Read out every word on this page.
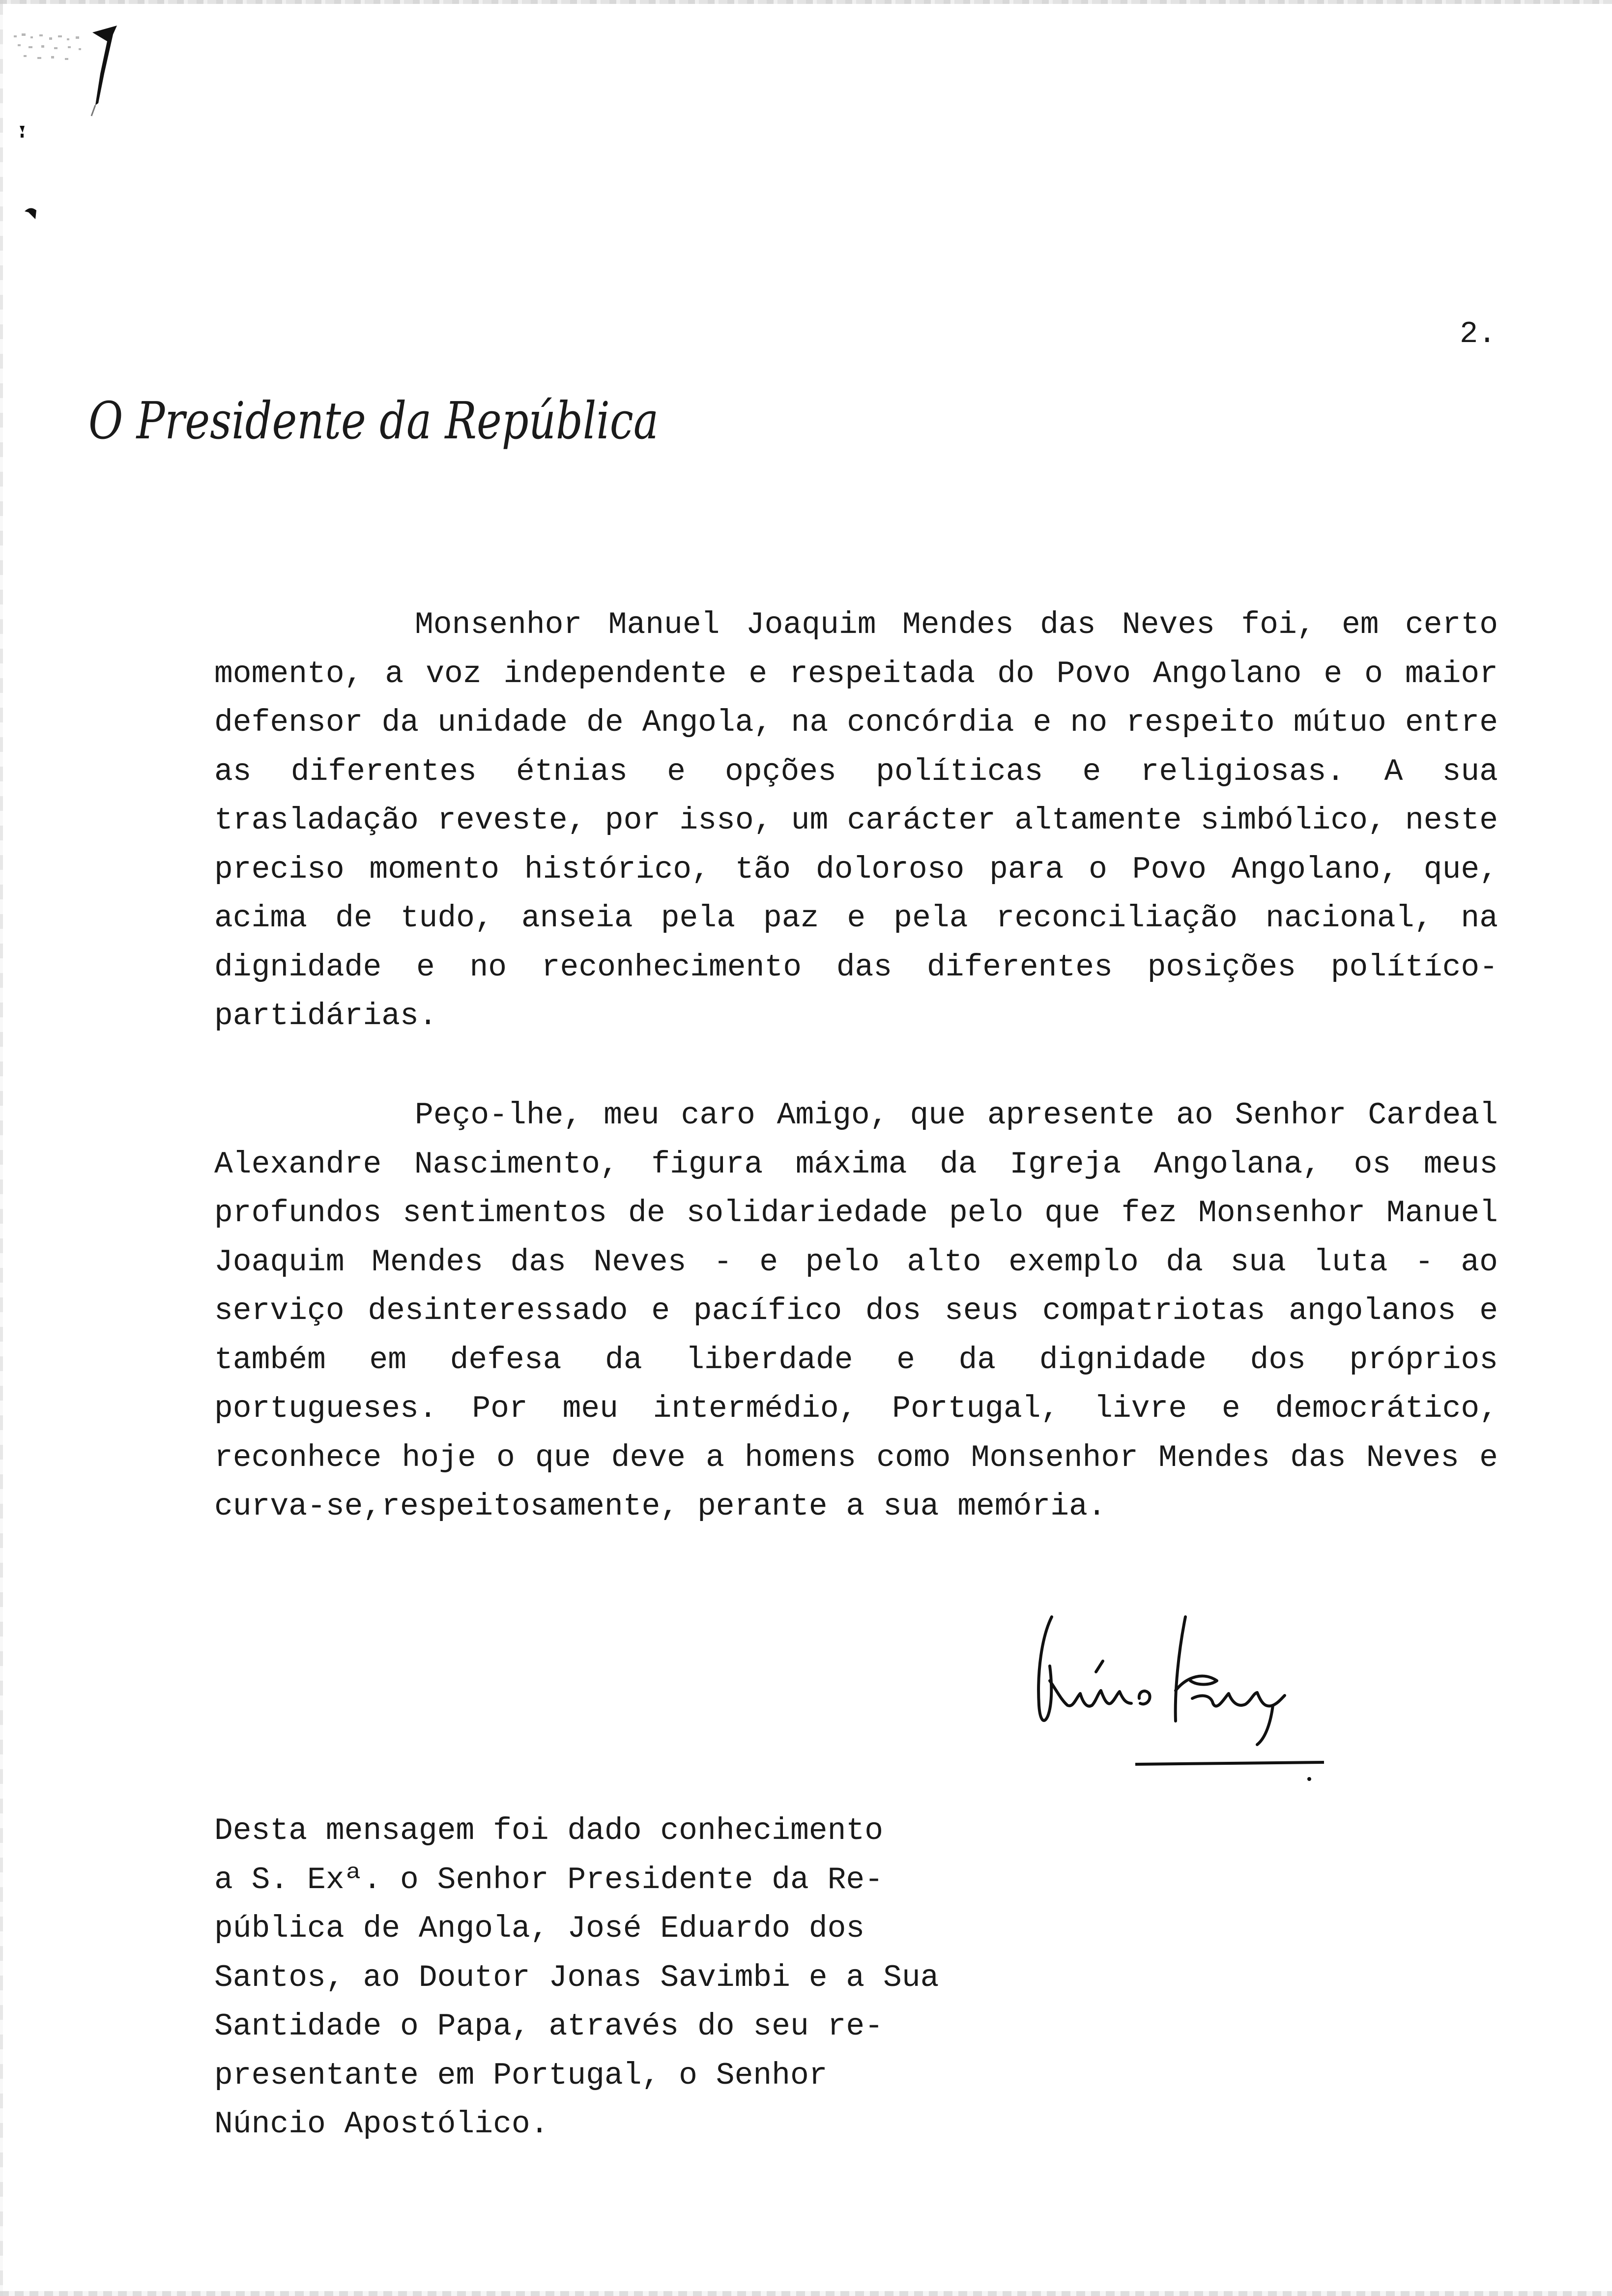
2.
O Presidente da República

Monsenhor Manuel Joaquim Mendes das Neves foi, em certo momento, a voz independente e respeitada do Povo Angolano e o maior defensor da unidade de Angola, na concórdia e no respeito mútuo entre as diferentes étnias e opções políticas e religiosas. A sua trasladação reveste, por isso, um carácter altamente simbólico, neste preciso momento histórico, tão doloroso para o Povo Angolano, que, acima de tudo, anseia pela paz e pela reconciliação nacional, na dignidade e no reconhecimento das diferentes posições polítíco-partidárias.

Peço-lhe, meu caro Amigo, que apresente ao Senhor Cardeal Alexandre Nascimento, figura máxima da Igreja Angolana, os meus profundos sentimentos de solidariedade pelo que fez Monsenhor Manuel Joaquim Mendes das Neves - e pelo alto exemplo da sua luta - ao serviço desinteressado e pacífico dos seus compatriotas angolanos e também em defesa da liberdade e da dignidade dos próprios portugueses. Por meu intermédio, Portugal, livre e democrático, reconhece hoje o que deve a homens como Monsenhor Mendes das Neves e curva-se,respeitosamente, perante a sua memória.

Desta mensagem foi dado conhecimento
a S. Exª. o Senhor Presidente da Re-
pública de Angola, José Eduardo dos
Santos, ao Doutor Jonas Savimbi e a Sua
Santidade o Papa, através do seu re-
presentante em Portugal, o Senhor
Núncio Apostólico.
